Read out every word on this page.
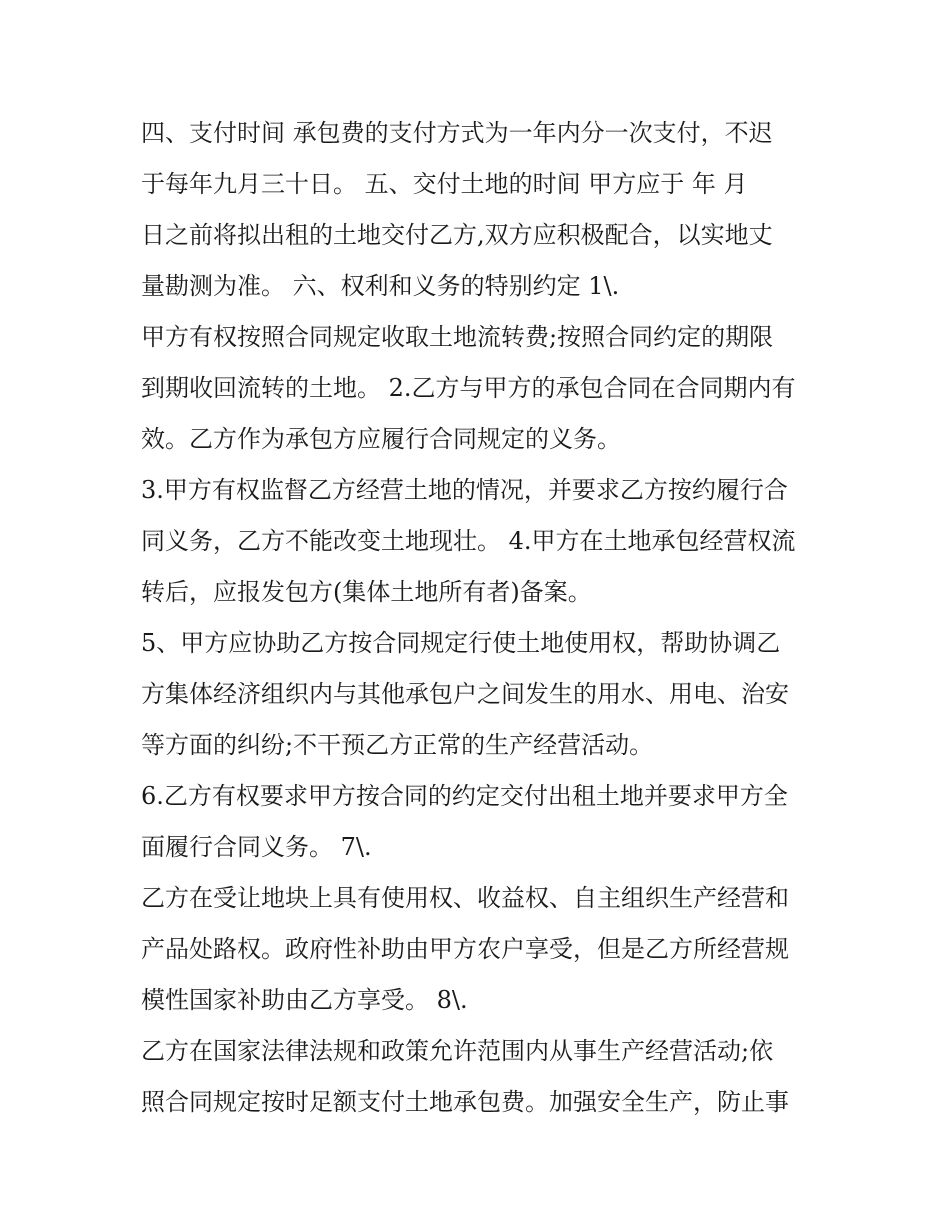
四、支付时间 承包费的支付方式为一年内分一次支付，不迟
于每年九月三十日。 五、交付土地的时间 甲方应于 年 月
日之前将拟出租的土地交付乙方,双方应积极配合，以实地丈
量勘测为准。 六、权利和义务的特别约定 1\.
甲方有权按照合同规定收取土地流转费;按照合同约定的期限
到期收回流转的土地。 2.乙方与甲方的承包合同在合同期内有
效。乙方作为承包方应履行合同规定的义务。
3.甲方有权监督乙方经营土地的情况，并要求乙方按约履行合
同义务，乙方不能改变土地现壮。 4.甲方在土地承包经营权流
转后，应报发包方(集体土地所有者)备案。
5、甲方应协助乙方按合同规定行使土地使用权，帮助协调乙
方集体经济组织内与其他承包户之间发生的用水、用电、治安
等方面的纠纷;不干预乙方正常的生产经营活动。
6.乙方有权要求甲方按合同的约定交付出租土地并要求甲方全
面履行合同义务。 7\.
乙方在受让地块上具有使用权、收益权、自主组织生产经营和
产品处路权。政府性补助由甲方农户享受，但是乙方所经营规
模性国家补助由乙方享受。 8\.
乙方在国家法律法规和政策允许范围内从事生产经营活动;依
照合同规定按时足额支付土地承包费。加强安全生产，防止事
